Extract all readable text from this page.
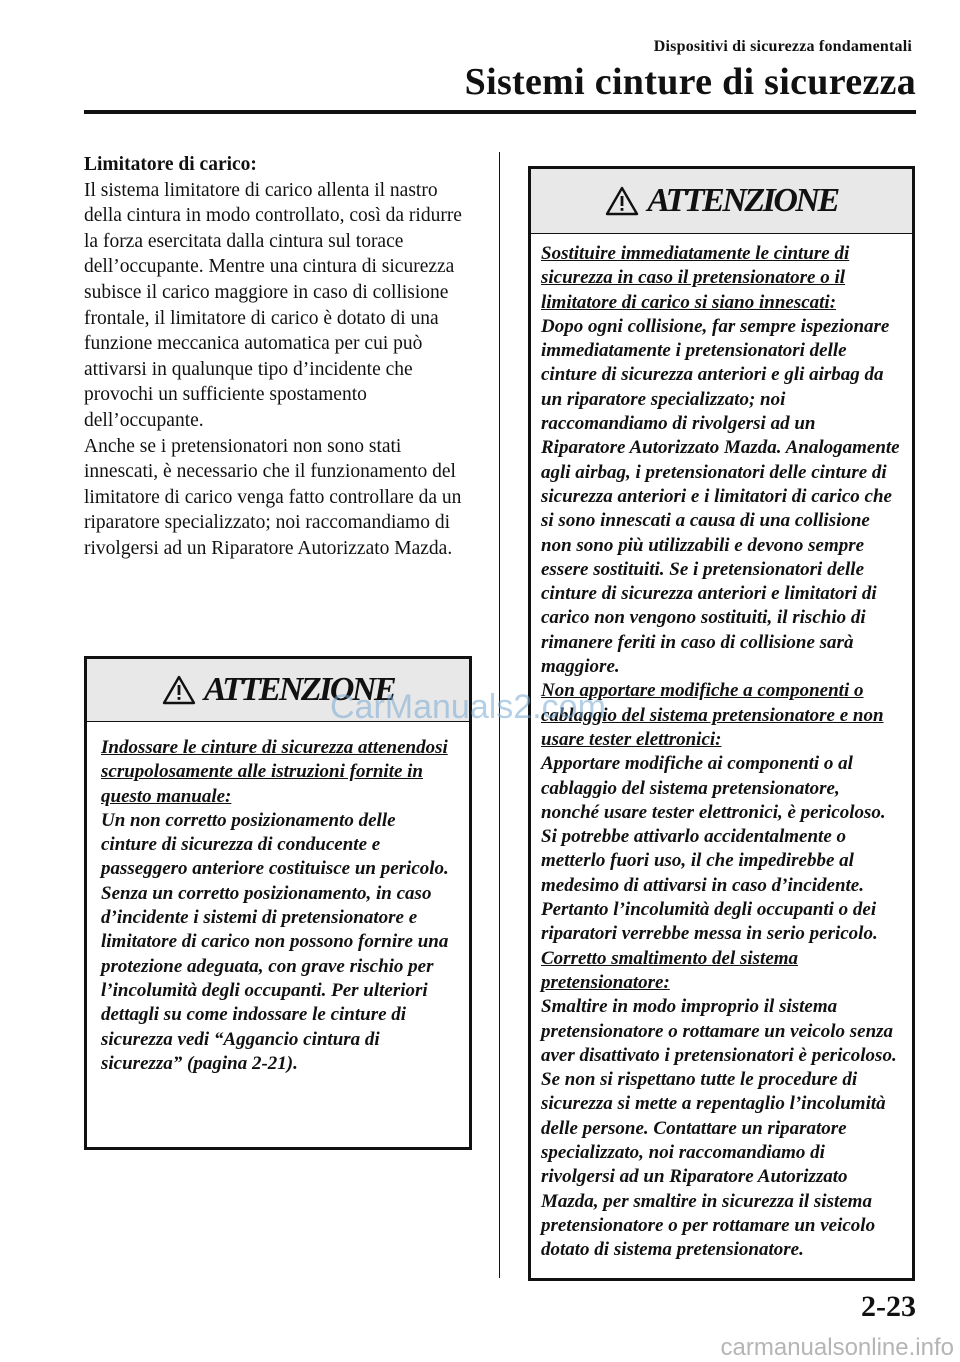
Dispositivi di sicurezza fondamentali
Sistemi cinture di sicurezza
Limitatore di carico:

Il sistema limitatore di carico allenta il nastro della cintura in modo controllato, così da ridurre la forza esercitata dalla cintura sul torace dell’occupante. Mentre una cintura di sicurezza subisce il carico maggiore in caso di collisione frontale, il limitatore di carico è dotato di una funzione meccanica automatica per cui può attivarsi in qualunque tipo d’incidente che provochi un sufficiente spostamento dell’occupante.

Anche se i pretensionatori non sono stati innescati, è necessario che il funzionamento del limitatore di carico venga fatto controllare da un riparatore specializzato; noi raccomandiamo di rivolgersi ad un Riparatore Autorizzato Mazda.

ATTENZIONE

Indossare le cinture di sicurezza attenendosi scrupolosamente alle istruzioni fornite in questo manuale:

Un non corretto posizionamento delle cinture di sicurezza di conducente e passeggero anteriore costituisce un pericolo. Senza un corretto posizionamento, in caso d’incidente i sistemi di pretensionatore e limitatore di carico non possono fornire una protezione adeguata, con grave rischio per l’incolumità degli occupanti. Per ulteriori dettagli su come indossare le cinture di sicurezza vedi “Aggancio cintura di sicurezza” (pagina 2-21).

ATTENZIONE

Sostituire immediatamente le cinture di sicurezza in caso il pretensionatore o il limitatore di carico si siano innescati:

Dopo ogni collisione, far sempre ispezionare immediatamente i pretensionatori delle cinture di sicurezza anteriori e gli airbag da un riparatore specializzato; noi raccomandiamo di rivolgersi ad un Riparatore Autorizzato Mazda. Analogamente agli airbag, i pretensionatori delle cinture di sicurezza anteriori e i limitatori di carico che si sono innescati a causa di una collisione non sono più utilizzabili e devono sempre essere sostituiti. Se i pretensionatori delle cinture di sicurezza anteriori e limitatori di carico non vengono sostituiti, il rischio di rimanere feriti in caso di collisione sarà maggiore.

Non apportare modifiche a componenti o cablaggio del sistema pretensionatore e non usare tester elettronici:

Apportare modifiche ai componenti o al cablaggio del sistema pretensionatore, nonché usare tester elettronici, è pericoloso. Si potrebbe attivarlo accidentalmente o metterlo fuori uso, il che impedirebbe al medesimo di attivarsi in caso d’incidente. Pertanto l’incolumità degli occupanti o dei riparatori verrebbe messa in serio pericolo.

Corretto smaltimento del sistema pretensionatore:

Smaltire in modo improprio il sistema pretensionatore o rottamare un veicolo senza aver disattivato i pretensionatori è pericoloso. Se non si rispettano tutte le procedure di sicurezza si mette a repentaglio l’incolumità delle persone. Contattare un riparatore specializzato, noi raccomandiamo di rivolgersi ad un Riparatore Autorizzato Mazda, per smaltire in sicurezza il sistema pretensionatore o per rottamare un veicolo dotato di sistema pretensionatore.

CarManuals2.com
2-23
carmanualsonline.info
